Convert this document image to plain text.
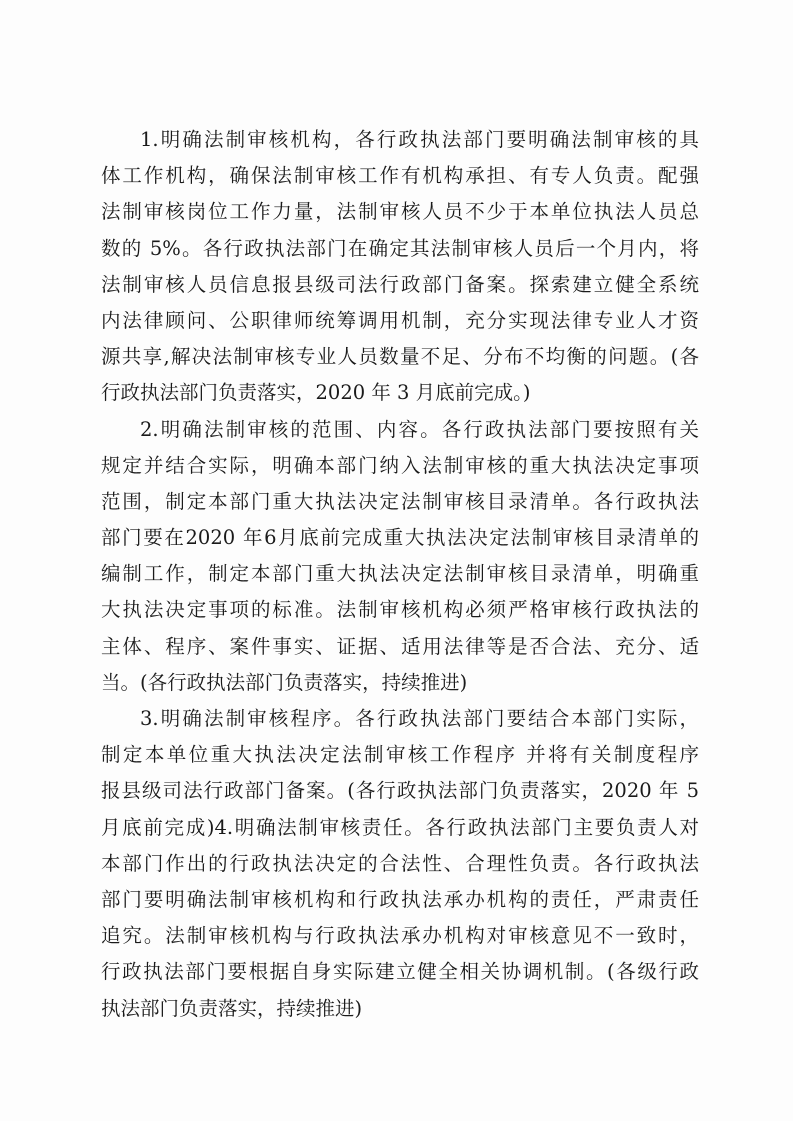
1.明确法制审核机构，各行政执法部门要明确法制审核的具
体工作机构，确保法制审核工作有机构承担、有专人负责。配强
法制审核岗位工作力量，法制审核人员不少于本单位执法人员总
数的 5%。各行政执法部门在确定其法制审核人员后一个月内，将
法制审核人员信息报县级司法行政部门备案。探索建立健全系统
内法律顾问、公职律师统筹调用机制，充分实现法律专业人才资
源共享,解决法制审核专业人员数量不足、分布不均衡的问题。(各
行政执法部门负责落实，2020 年 3 月底前完成。)
2.明确法制审核的范围、内容。各行政执法部门要按照有关
规定并结合实际，明确本部门纳入法制审核的重大执法决定事项
范围，制定本部门重大执法决定法制审核目录清单。各行政执法
部门要在2020 年6月底前完成重大执法决定法制审核目录清单的
编制工作，制定本部门重大执法决定法制审核目录清单，明确重
大执法决定事项的标准。法制审核机构必须严格审核行政执法的
主体、程序、案件事实、证据、适用法律等是否合法、充分、适
当。(各行政执法部门负责落实，持续推进)
3.明确法制审核程序。各行政执法部门要结合本部门实际，
制定本单位重大执法决定法制审核工作程序 并将有关制度程序
报县级司法行政部门备案。(各行政执法部门负责落实，2020 年 5
月底前完成)4.明确法制审核责任。各行政执法部门主要负责人对
本部门作出的行政执法决定的合法性、合理性负责。各行政执法
部门要明确法制审核机构和行政执法承办机构的责任，严肃责任
追究。法制审核机构与行政执法承办机构对审核意见不一致时，
行政执法部门要根据自身实际建立健全相关协调机制。(各级行政
执法部门负责落实，持续推进)
